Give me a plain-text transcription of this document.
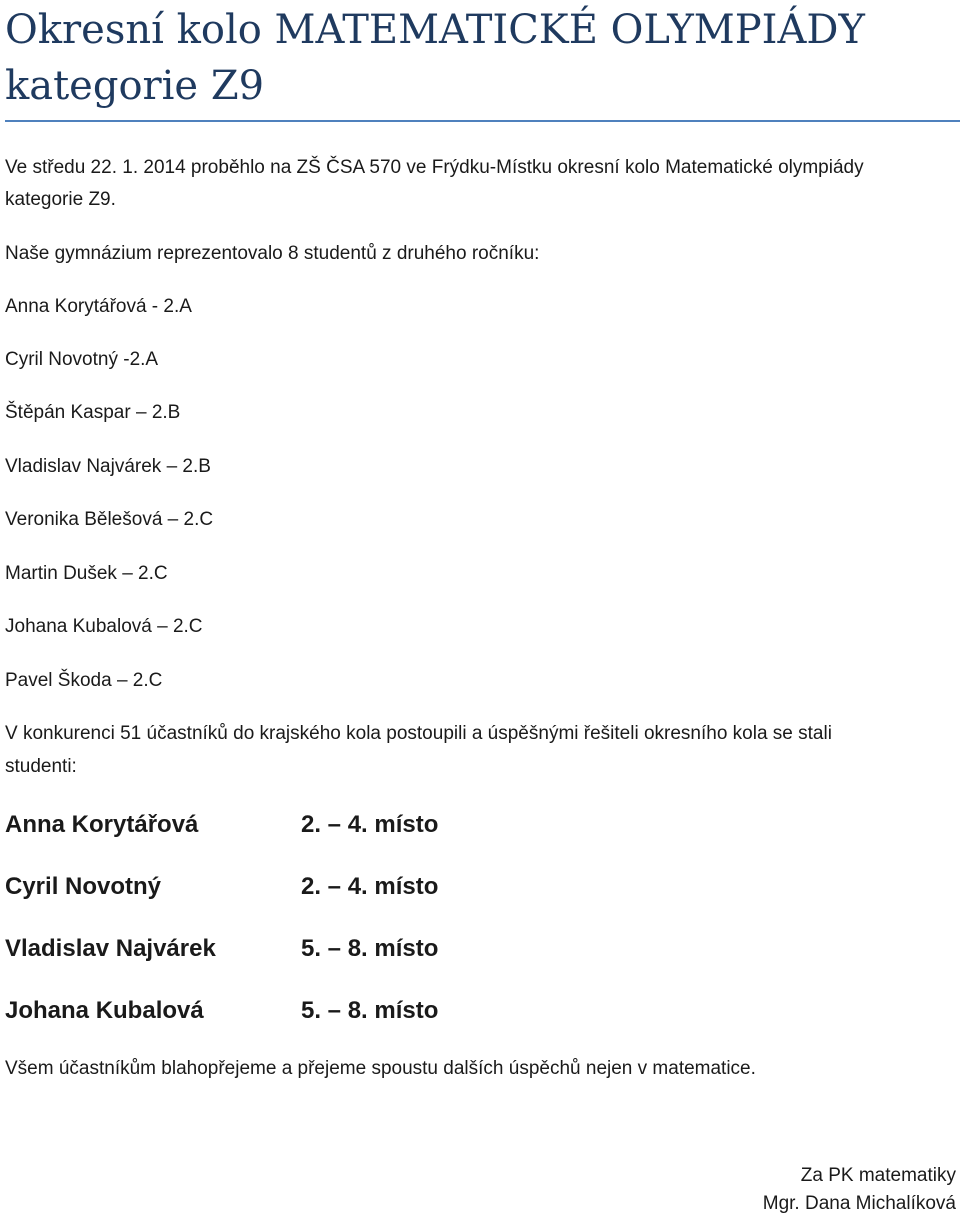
Okresní kolo MATEMATICKÉ OLYMPIÁDY
kategorie Z9
Ve středu 22. 1. 2014 proběhlo na ZŠ ČSA 570 ve Frýdku-Místku okresní kolo Matematické olympiády
kategorie Z9.
Naše gymnázium reprezentovalo 8 studentů z druhého ročníku:
Anna Korytářová - 2.A
Cyril Novotný -2.A
Štěpán Kaspar – 2.B
Vladislav Najvárek – 2.B
Veronika Bělešová – 2.C
Martin Dušek – 2.C
Johana Kubalová – 2.C
Pavel Škoda – 2.C
V konkurenci 51 účastníků do krajského kola postoupili a úspěšnými řešiteli okresního kola se stali
studenti:
Anna Korytářová	2. – 4. místo
Cyril Novotný	2. – 4. místo
Vladislav Najvárek	5. – 8. místo
Johana Kubalová	5. – 8. místo
Všem účastníkům blahopřejeme a přejeme spoustu dalších úspěchů nejen v matematice.
Za PK matematiky
Mgr. Dana Michalíková
